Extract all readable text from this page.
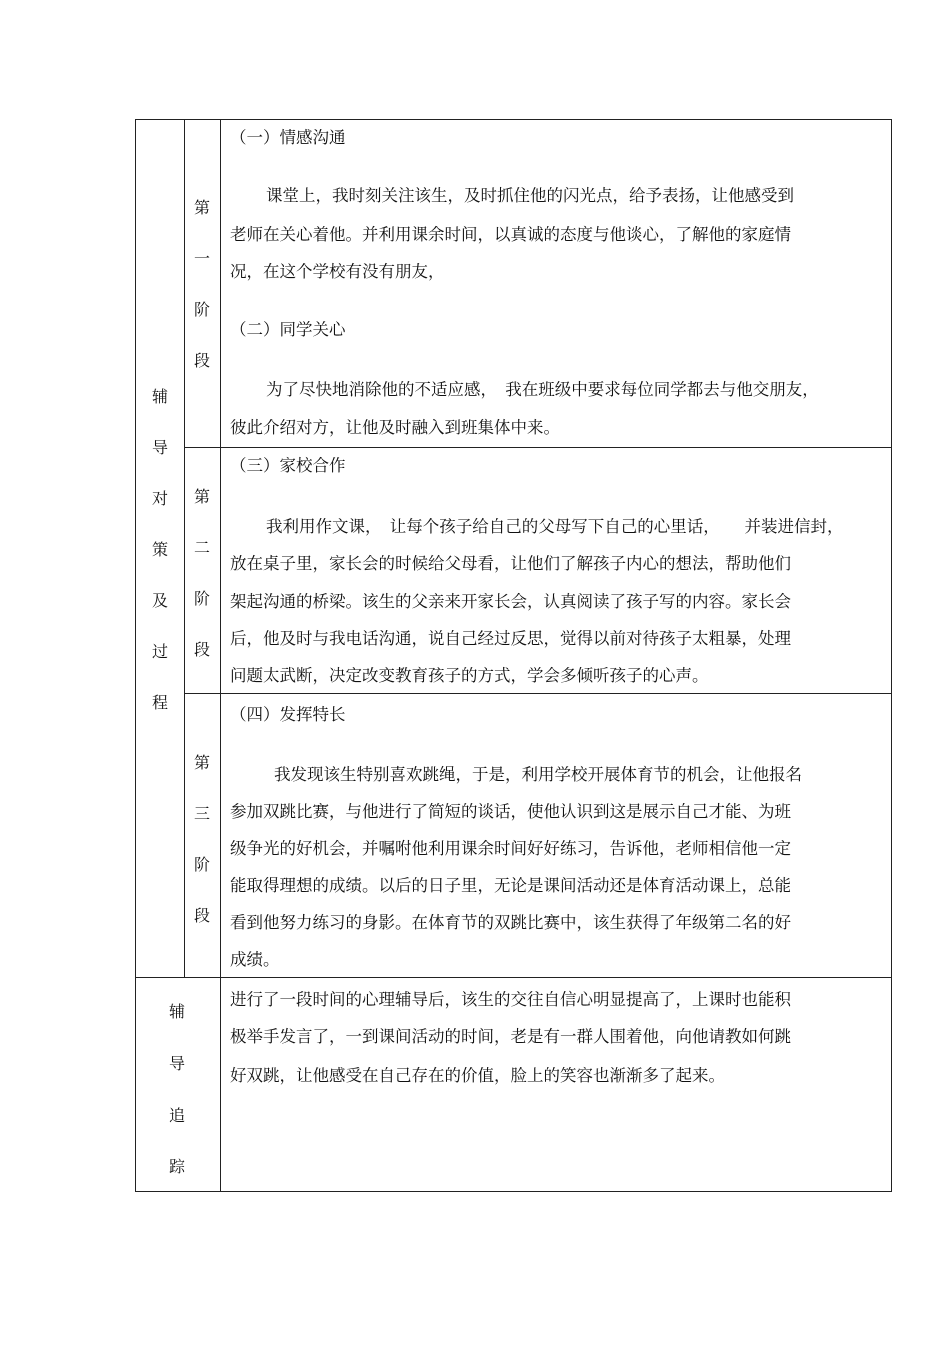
辅
导
对
策
及
过
程
第
一
阶
段
（一）情感沟通
课堂上，我时刻关注该生，及时抓住他的闪光点，给予表扬，让他感受到
老师在关心着他。并利用课余时间，以真诚的态度与他谈心，了解他的家庭情
况，在这个学校有没有朋友，
（二）同学关心
为了尽快地消除他的不适应感，　我在班级中要求每位同学都去与他交朋友，
彼此介绍对方，让他及时融入到班集体中来。
第
二
阶
段
（三）家校合作
我利用作文课，　让每个孩子给自己的父母写下自己的心里话，　　并装进信封，
放在桌子里，家长会的时候给父母看，让他们了解孩子内心的想法，帮助他们
架起沟通的桥梁。该生的父亲来开家长会，认真阅读了孩子写的内容。家长会
后，他及时与我电话沟通，说自己经过反思，觉得以前对待孩子太粗暴，处理
问题太武断，决定改变教育孩子的方式，学会多倾听孩子的心声。
第
三
阶
段
（四）发挥特长
我发现该生特别喜欢跳绳，于是，利用学校开展体育节的机会，让他报名
参加双跳比赛，与他进行了简短的谈话，使他认识到这是展示自己才能、为班
级争光的好机会，并嘱咐他利用课余时间好好练习，告诉他，老师相信他一定
能取得理想的成绩。以后的日子里，无论是课间活动还是体育活动课上，总能
看到他努力练习的身影。在体育节的双跳比赛中，该生获得了年级第二名的好
成绩。
辅
导
追
踪
进行了一段时间的心理辅导后，该生的交往自信心明显提高了，上课时也能积
极举手发言了，一到课间活动的时间，老是有一群人围着他，向他请教如何跳
好双跳，让他感受在自己存在的价值，脸上的笑容也渐渐多了起来。
